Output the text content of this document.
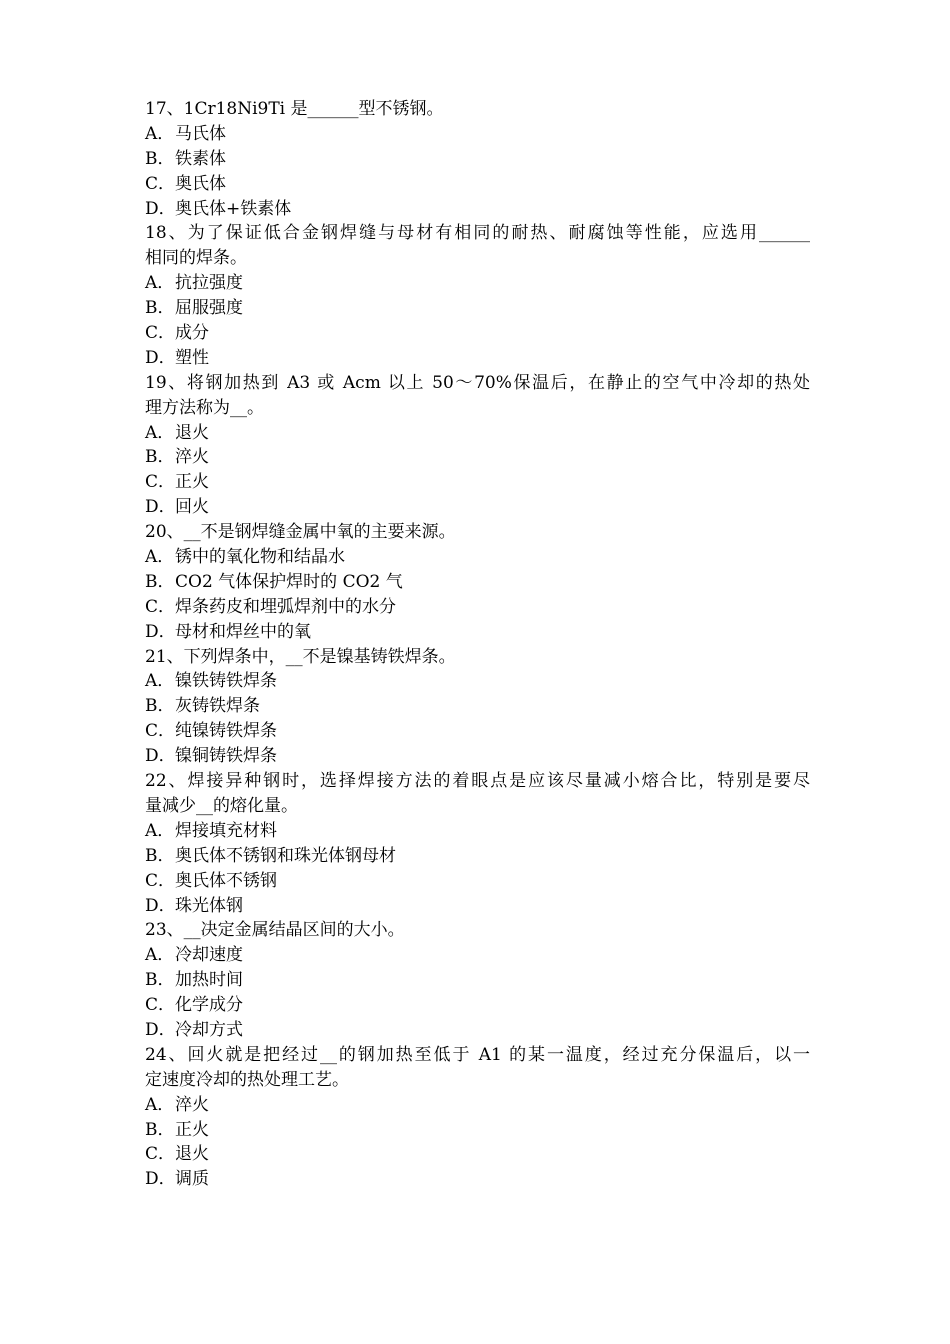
17、1Cr18Ni9Ti 是______型不锈钢。
A．马氏体
B．铁素体
C．奥氏体
D．奥氏体+铁素体
18、为了保证低合金钢焊缝与母材有相同的耐热、耐腐蚀等性能，应选用______
相同的焊条。
A．抗拉强度
B．屈服强度
C．成分
D．塑性
19、将钢加热到 A3 或 Acm 以上 50～70%保温后，在静止的空气中冷却的热处
理方法称为__。
A．退火
B．淬火
C．正火
D．回火
20、__不是钢焊缝金属中氧的主要来源。
A．锈中的氧化物和结晶水
B．CO2 气体保护焊时的 CO2 气
C．焊条药皮和埋弧焊剂中的水分
D．母材和焊丝中的氧
21、下列焊条中，__不是镍基铸铁焊条。
A．镍铁铸铁焊条
B．灰铸铁焊条
C．纯镍铸铁焊条
D．镍铜铸铁焊条
22、焊接异种钢时，选择焊接方法的着眼点是应该尽量减小熔合比，特别是要尽
量减少__的熔化量。
A．焊接填充材料
B．奥氏体不锈钢和珠光体钢母材
C．奥氏体不锈钢
D．珠光体钢
23、__决定金属结晶区间的大小。
A．冷却速度
B．加热时间
C．化学成分
D．冷却方式
24、回火就是把经过__的钢加热至低于 A1 的某一温度，经过充分保温后，以一
定速度冷却的热处理工艺。
A．淬火
B．正火
C．退火
D．调质
